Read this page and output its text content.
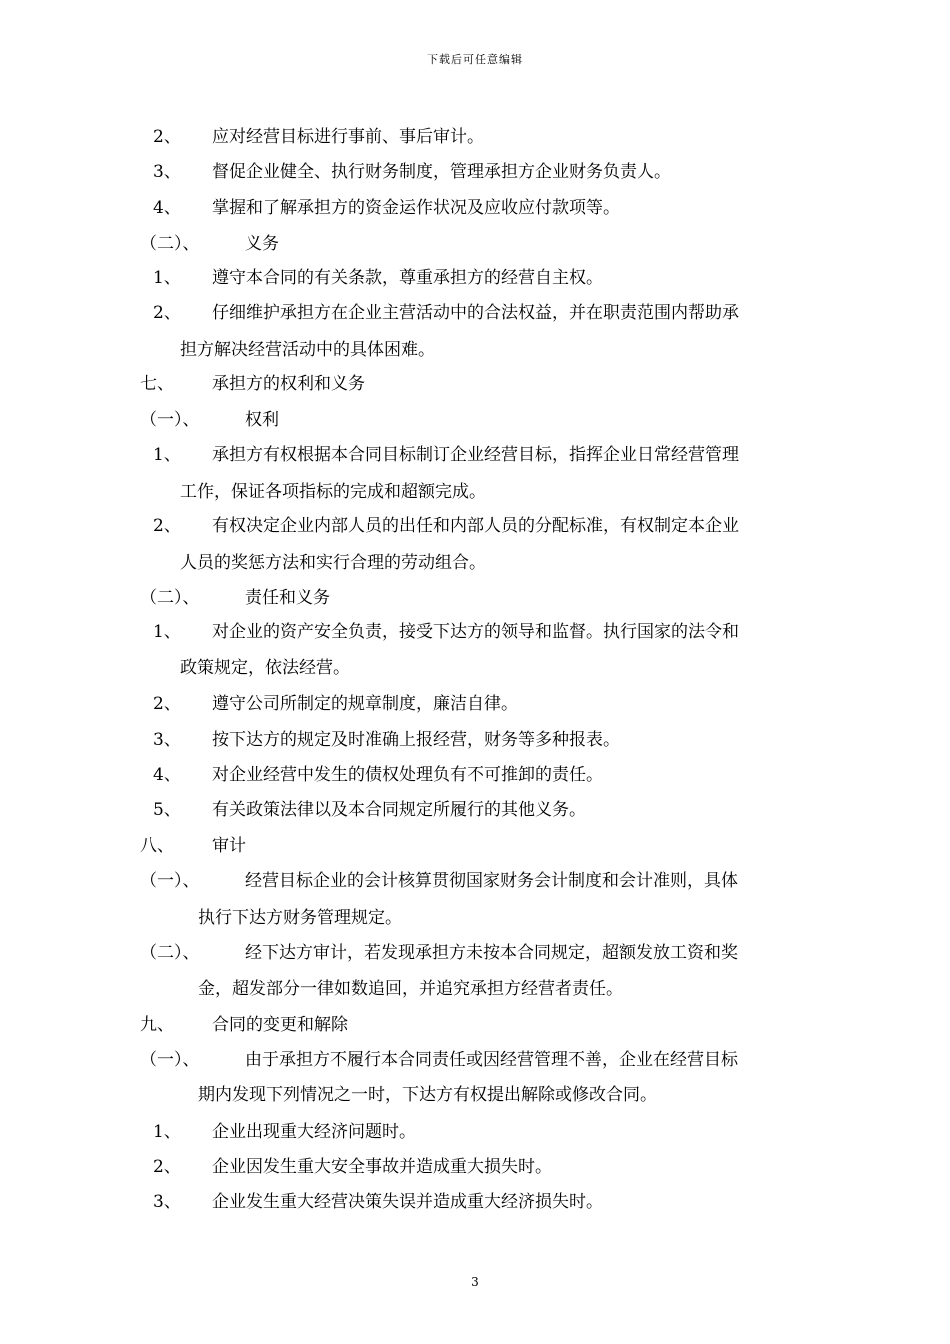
下载后可任意编辑
2、 应对经营目标进行事前、事后审计。
3、 督促企业健全、执行财务制度，管理承担方企业财务负责人。
4、 掌握和了解承担方的资金运作状况及应收应付款项等。
（二）、	义务
1、 遵守本合同的有关条款，尊重承担方的经营自主权。
2、 仔细维护承担方在企业主营活动中的合法权益，并在职责范围内帮助承
担方解决经营活动中的具体困难。
七、 承担方的权利和义务
（一）、	权利
1、 承担方有权根据本合同目标制订企业经营目标，指挥企业日常经营管理
工作，保证各项指标的完成和超额完成。
2、 有权决定企业内部人员的出任和内部人员的分配标准，有权制定本企业
人员的奖惩方法和实行合理的劳动组合。
（二）、	责任和义务
1、 对企业的资产安全负责，接受下达方的领导和监督。执行国家的法令和
政策规定，依法经营。
2、 遵守公司所制定的规章制度，廉洁自律。
3、 按下达方的规定及时准确上报经营，财务等多种报表。
4、 对企业经营中发生的债权处理负有不可推卸的责任。
5、 有关政策法律以及本合同规定所履行的其他义务。
八、 审计
（一）、	经营目标企业的会计核算贯彻国家财务会计制度和会计准则，具体
执行下达方财务管理规定。
（二）、	经下达方审计，若发现承担方未按本合同规定，超额发放工资和奖
金，超发部分一律如数追回，并追究承担方经营者责任。
九、 合同的变更和解除
（一）、	由于承担方不履行本合同责任或因经营管理不善，企业在经营目标
期内发现下列情况之一时，下达方有权提出解除或修改合同。
1、 企业出现重大经济问题时。
2、 企业因发生重大安全事故并造成重大损失时。
3、 企业发生重大经营决策失误并造成重大经济损失时。
3
